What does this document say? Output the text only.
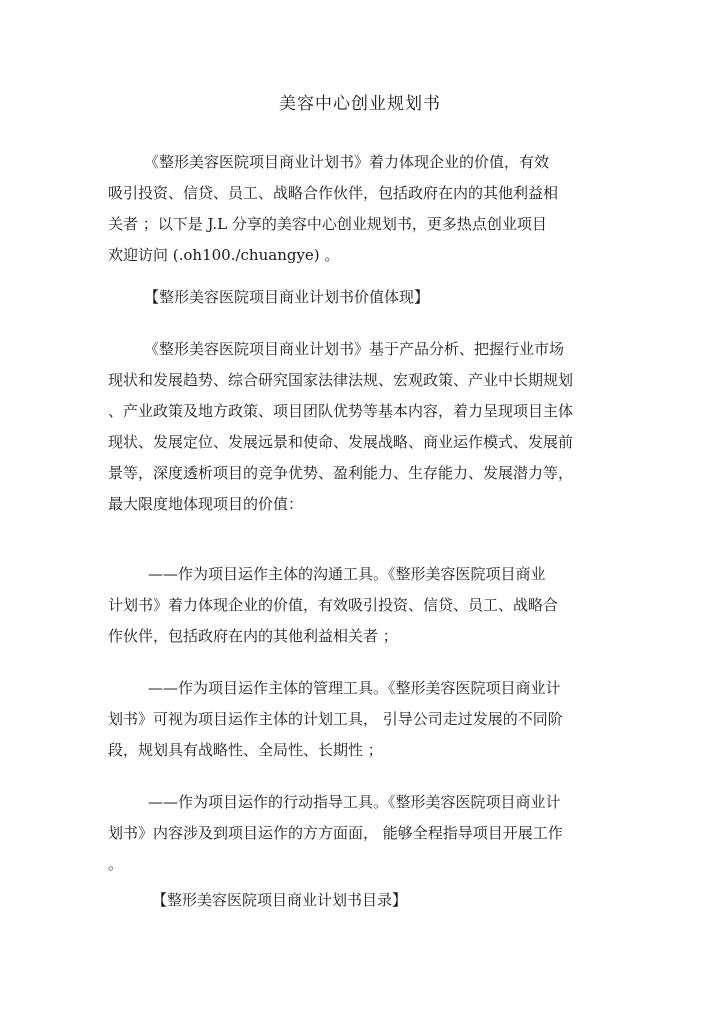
美容中心创业规划书
《整形美容医院项目商业计划书》着力体现企业的价值，有效
吸引投资、信贷、员工、战略合作伙伴，包括政府在内的其他利益相
关者 ；以下是 J.L 分享的美容中心创业规划书，更多热点创业项目
欢迎访问 (.oh100./chuangye) 。
【整形美容医院项目商业计划书价值体现】
《整形美容医院项目商业计划书》基于产品分析、把握行业市场
现状和发展趋势、综合研究国家法律法规、宏观政策、产业中长期规划
、产业政策及地方政策、项目团队优势等基本内容，着力呈现项目主体
现状、发展定位、发展远景和使命、发展战略、商业运作模式、发展前
景等，深度透析项目的竞争优势、盈利能力、生存能力、发展潜力等，
最大限度地体现项目的价值：
——作为项目运作主体的沟通工具。《整形美容医院项目商业
计划书》着力体现企业的价值，有效吸引投资、信贷、员工、战略合
作伙伴，包括政府在内的其他利益相关者 ；
——作为项目运作主体的管理工具。《整形美容医院项目商业计
划书》可视为项目运作主体的计划工具， 引导公司走过发展的不同阶
段，规划具有战略性、全局性、长期性 ；
——作为项目运作的行动指导工具。《整形美容医院项目商业计
划书》内容涉及到项目运作的方方面面， 能够全程指导项目开展工作
。
【整形美容医院项目商业计划书目录】
